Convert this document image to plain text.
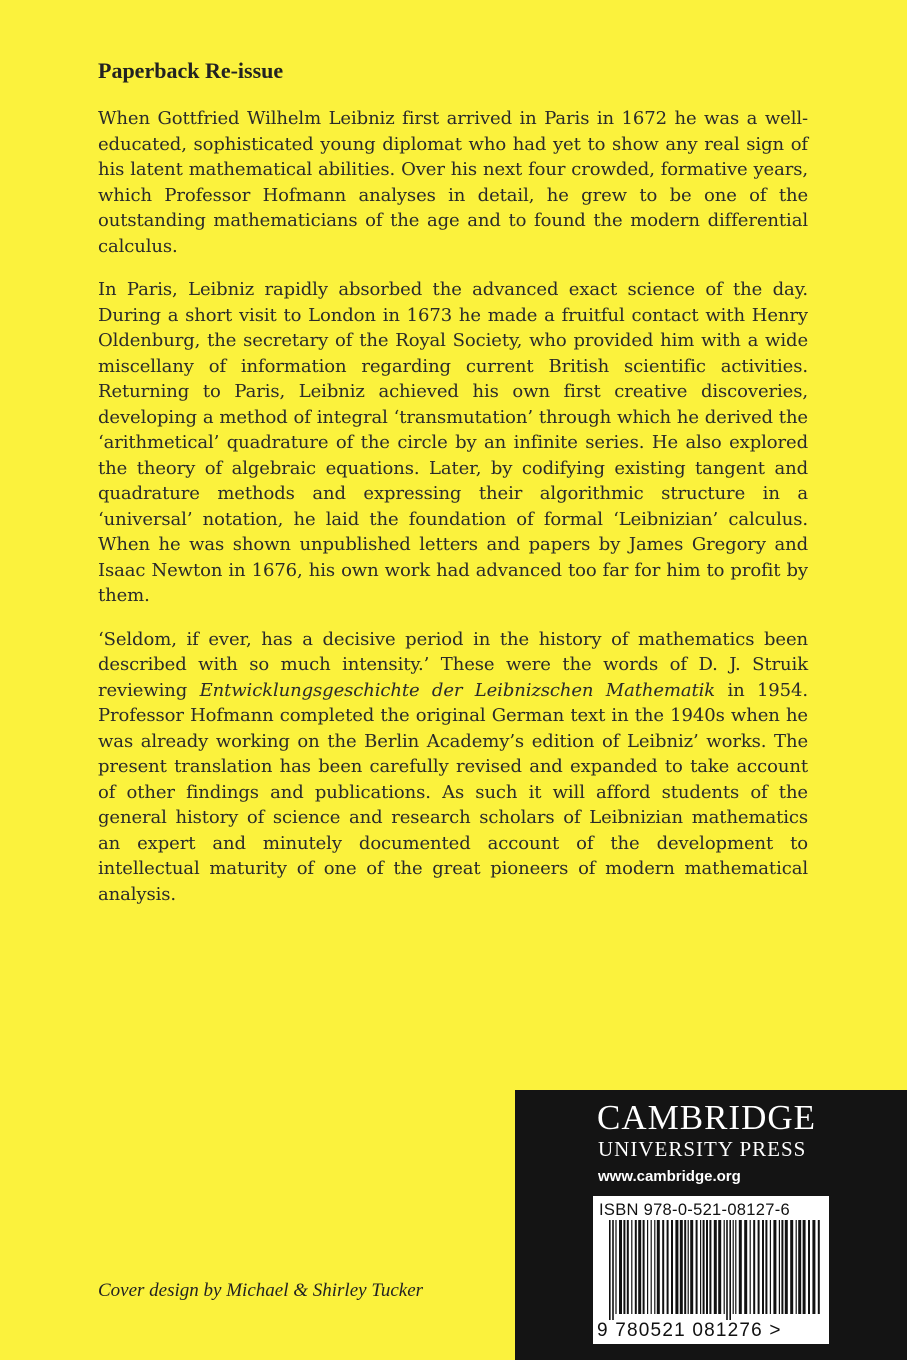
Paperback Re-issue

When Gottfried Wilhelm Leibniz first arrived in Paris in 1672 he was a well-educated, sophisticated young diplomat who had yet to show any real sign of his latent mathematical abilities. Over his next four crowded, formative years, which Professor Hofmann analyses in detail, he grew to be one of the outstanding mathematicians of the age and to found the modern differential calculus.

In Paris, Leibniz rapidly absorbed the advanced exact science of the day. During a short visit to London in 1673 he made a fruitful contact with Henry Oldenburg, the secretary of the Royal Society, who provided him with a wide miscellany of information regarding current British scientific activities. Returning to Paris, Leibniz achieved his own first creative discoveries, developing a method of integral ‘transmutation’ through which he derived the ‘arithmetical’ quadrature of the circle by an infinite series. He also explored the theory of algebraic equations. Later, by codifying existing tangent and quadrature methods and expressing their algorithmic structure in a ‘universal’ notation, he laid the foundation of formal ‘Leibnizian’ calculus. When he was shown unpublished letters and papers by James Gregory and Isaac Newton in 1676, his own work had advanced too far for him to profit by them.

‘Seldom, if ever, has a decisive period in the history of mathematics been described with so much intensity.’ These were the words of D. J. Struik reviewing Entwicklungsgeschichte der Leibnizschen Mathematik in 1954. Professor Hofmann completed the original German text in the 1940s when he was already working on the Berlin Academy’s edition of Leibniz’ works. The present translation has been carefully revised and expanded to take account of other findings and publications. As such it will afford students of the general history of science and research scholars of Leibnizian mathematics an expert and minutely documented account of the development to intellectual maturity of one of the great pioneers of modern mathematical analysis.

Cover design by Michael & Shirley Tucker
CAMBRIDGE
UNIVERSITY PRESS
www.cambridge.org
ISBN 978-0-521-08127-6
9 780521 081276 >
